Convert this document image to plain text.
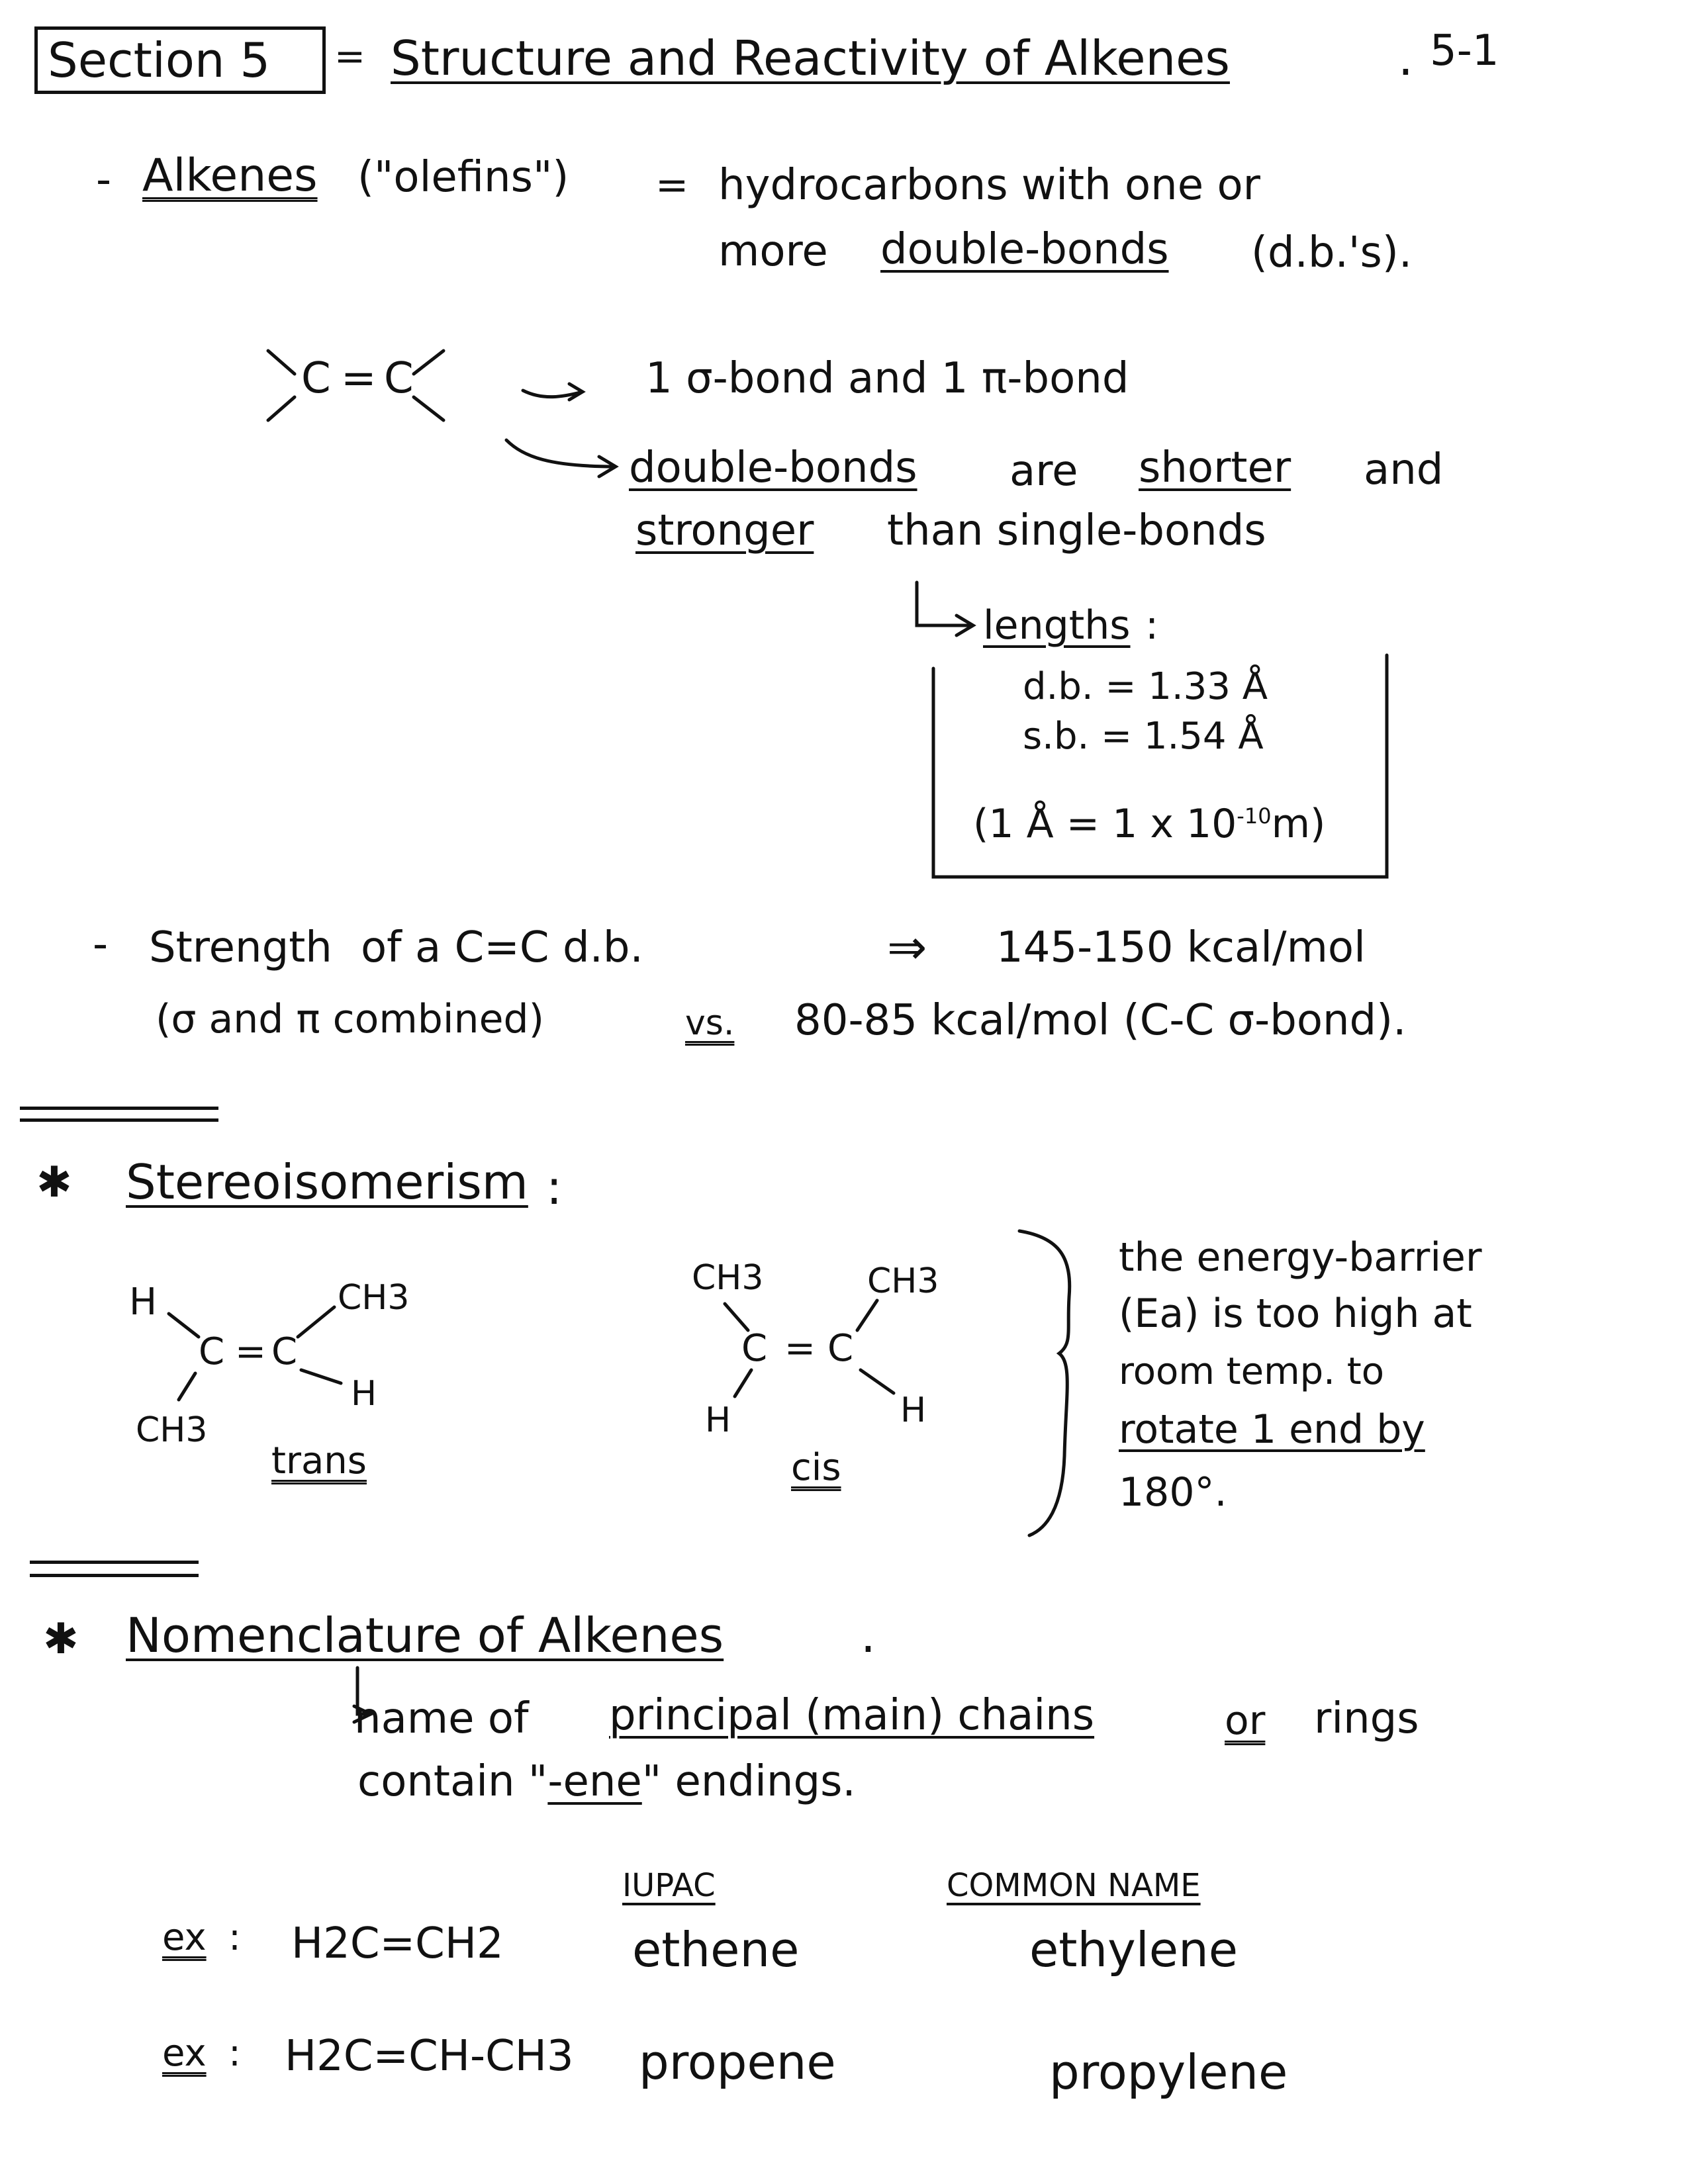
Section 5 = Structure and Reactivity of Alkenes	. 5-1
- Alkenes ("olefins") = hydrocarbons with one or
more double-bonds (d.b.'s).
C = C	1 σ-bond and 1 π-bond
double-bonds are shorter and
stronger than single-bonds
lengths :
d.b. = 1.33 Å
s.b. = 1.54 Å
(1 Å = 1 x $10^{-10}m$)
- Strength of a C=C d.b.	⇒ 145-150 kcal/mol
(σ and π combined)	vs. 80-85 kcal/mol (C-C σ-bond).
✱ Stereoisomerism :
H	CH3
C = C
CH3
H
trans
CH3	CH3
C = C
H	H
cis
the energy-barrier
(Ea) is too high at
room temp. to
rotate 1 end by
180°.
✱ Nomenclature of Alkenes	.
name of principal (main) chains	or rings
contain "-ene" endings.
IUPAC	COMMON NAME
ex : H2C=CH2	ethene	ethylene
ex : H2C=CH-CH3 propene	propylene
